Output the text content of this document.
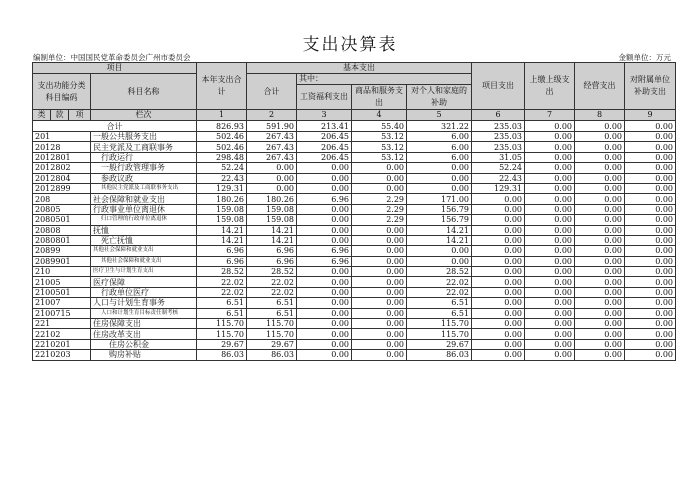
支出决算表
编制单位：中国国民党革命委员会广州市委员会	金额单位：万元
项目				本年支出合计	基本支出				项目支出	上缴上级支出	经营支出	对附属单位补助支出
支出功能分类
科目编码			科目名称		合计	其中：						
						工资福利支出	商品和服务支出	对个人和家庭的补助				

类	款	项	栏次	1	2	3	4	5	6	7	8	9
合计				826.93	591.90	213.41	55.40	321.22	235.03	0.00	0.00	0.00
201			一般公共服务支出	502.46	267.43	206.45	53.12	6.00	235.03	0.00	0.00	0.00
20128			民主党派及工商联事务	502.46	267.43	206.45	53.12	6.00	235.03	0.00	0.00	0.00
2012801			行政运行	298.48	267.43	206.45	53.12	6.00	31.05	0.00	0.00	0.00
2012802			一般行政管理事务	52.24	0.00	0.00	0.00	0.00	52.24	0.00	0.00	0.00
2012804			参政议政	22.43	0.00	0.00	0.00	0.00	22.43	0.00	0.00	0.00
2012899			其他民主党派及工商联事务支出	129.31	0.00	0.00	0.00	0.00	129.31	0.00	0.00	0.00
208			社会保障和就业支出	180.26	180.26	6.96	2.29	171.00	0.00	0.00	0.00	0.00
20805			行政事业单位离退休	159.08	159.08	0.00	2.29	156.79	0.00	0.00	0.00	0.00
2080501			归口管理的行政单位离退休	159.08	159.08	0.00	2.29	156.79	0.00	0.00	0.00	0.00
20808			抚恤	14.21	14.21	0.00	0.00	14.21	0.00	0.00	0.00	0.00
2080801			死亡抚恤	14.21	14.21	0.00	0.00	14.21	0.00	0.00	0.00	0.00
20899			其他社会保障和就业支出	6.96	6.96	6.96	0.00	0.00	0.00	0.00	0.00	0.00
2089901			其他社会保障和就业支出	6.96	6.96	6.96	0.00	0.00	0.00	0.00	0.00	0.00
210			医疗卫生与计划生育支出	28.52	28.52	0.00	0.00	28.52	0.00	0.00	0.00	0.00
21005			医疗保障	22.02	22.02	0.00	0.00	22.02	0.00	0.00	0.00	0.00
2100501			行政单位医疗	22.02	22.02	0.00	0.00	22.02	0.00	0.00	0.00	0.00
21007			人口与计划生育事务	6.51	6.51	0.00	0.00	6.51	0.00	0.00	0.00	0.00
2100715			人口和计划生育目标责任制考核	6.51	6.51	0.00	0.00	6.51	0.00	0.00	0.00	0.00
221			住房保障支出	115.70	115.70	0.00	0.00	115.70	0.00	0.00	0.00	0.00
22102			住房改革支出	115.70	115.70	0.00	0.00	115.70	0.00	0.00	0.00	0.00
2210201			住房公积金	29.67	29.67	0.00	0.00	29.67	0.00	0.00	0.00	0.00
2210203			购房补贴	86.03	86.03	0.00	0.00	86.03	0.00	0.00	0.00	0.00
